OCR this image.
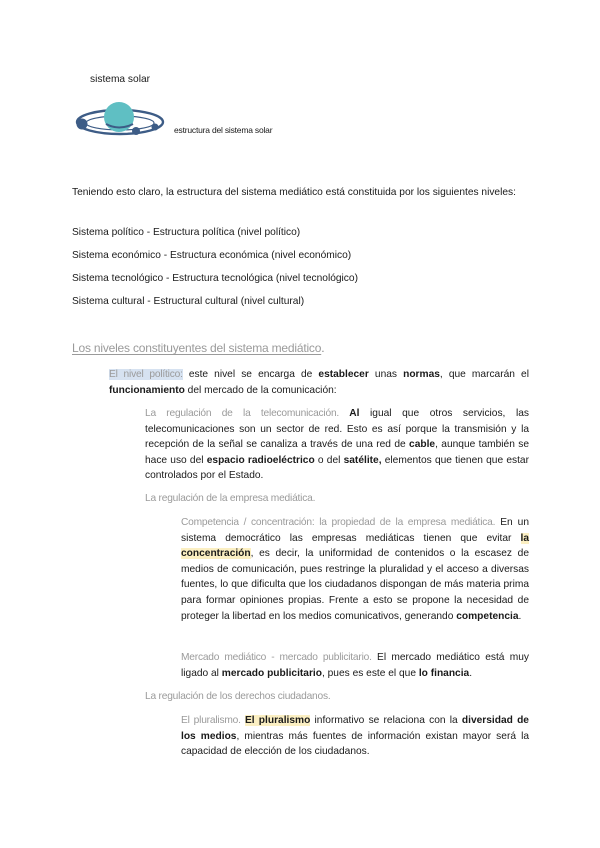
sistema solar
estructura del sistema solar
Teniendo esto claro, la estructura del sistema mediático está constituida por los siguientes niveles:
Sistema político - Estructura política (nivel político)
Sistema económico - Estructura económica (nivel económico)
Sistema tecnológico - Estructura tecnológica (nivel tecnológico)
Sistema cultural - Estructural cultural (nivel cultural)
Los niveles constituyentes del sistema mediático.
El nivel político: este nivel se encarga de establecer unas normas, que marcarán el funcionamiento del mercado de la comunicación:
La regulación de la telecomunicación. Al igual que otros servicios, las telecomunicaciones son un sector de red. Esto es así porque la transmisión y la recepción de la señal se canaliza a través de una red de cable, aunque también se hace uso del espacio radioeléctrico o del satélite, elementos que tienen que estar controlados por el Estado.
La regulación de la empresa mediática.
Competencia / concentración: la propiedad de la empresa mediática. En un sistema democrático las empresas mediáticas tienen que evitar la concentración, es decir, la uniformidad de contenidos o la escasez de medios de comunicación, pues restringe la pluralidad y el acceso a diversas fuentes, lo que dificulta que los ciudadanos dispongan de más materia prima para formar opiniones propias. Frente a esto se propone la necesidad de proteger la libertad en los medios comunicativos, generando competencia.
Mercado mediático - mercado publicitario. El mercado mediático está muy ligado al mercado publicitario, pues es este el que lo financia.
La regulación de los derechos ciudadanos.
El pluralismo. El pluralismo informativo se relaciona con la diversidad de los medios, mientras más fuentes de información existan mayor será la capacidad de elección de los ciudadanos.
